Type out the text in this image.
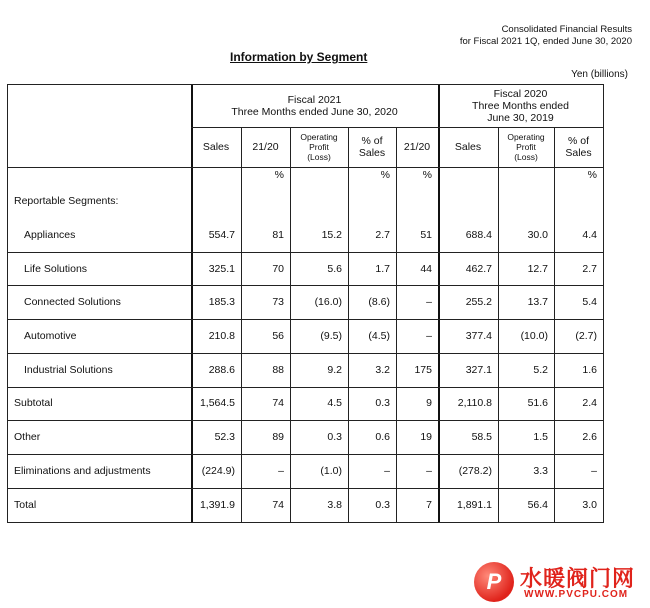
Consolidated Financial Results
for Fiscal 2021 1Q, ended June 30, 2020
Information by Segment
Yen (billions)
Fiscal 2021
Three Months ended June 30, 2020
Fiscal 2020
Three Months ended
June 30, 2019
Sales	21/20
Operating
Profit
(Loss)
% of
Sales	21/20	Sales
Operating
Profit
(Loss)
% of
Sales
%	%	%	%
Reportable Segments:
Appliances	554.7	81	15.2	2.7	51	688.4	30.0	4.4
Life Solutions	325.1	70	5.6	1.7	44	462.7	12.7	2.7
Connected Solutions	185.3	73	(16.0)	(8.6)	–	255.2	13.7	5.4
Automotive	210.8	56	(9.5)	(4.5)	–	377.4	(10.0)	(2.7)
Industrial Solutions	288.6	88	9.2	3.2	175	327.1	5.2	1.6
Subtotal	1,564.5	74	4.5	0.3	9	2,110.8	51.6	2.4
Other	52.3	89	0.3	0.6	19	58.5	1.5	2.6
Eliminations and adjustments	(224.9)	–	(1.0)	–	–	(278.2)	3.3	–
Total	1,391.9	74	3.8	0.3	7	1,891.1	56.4	3.0
P 水暖阀门网
WWW.PVCPU.COM
